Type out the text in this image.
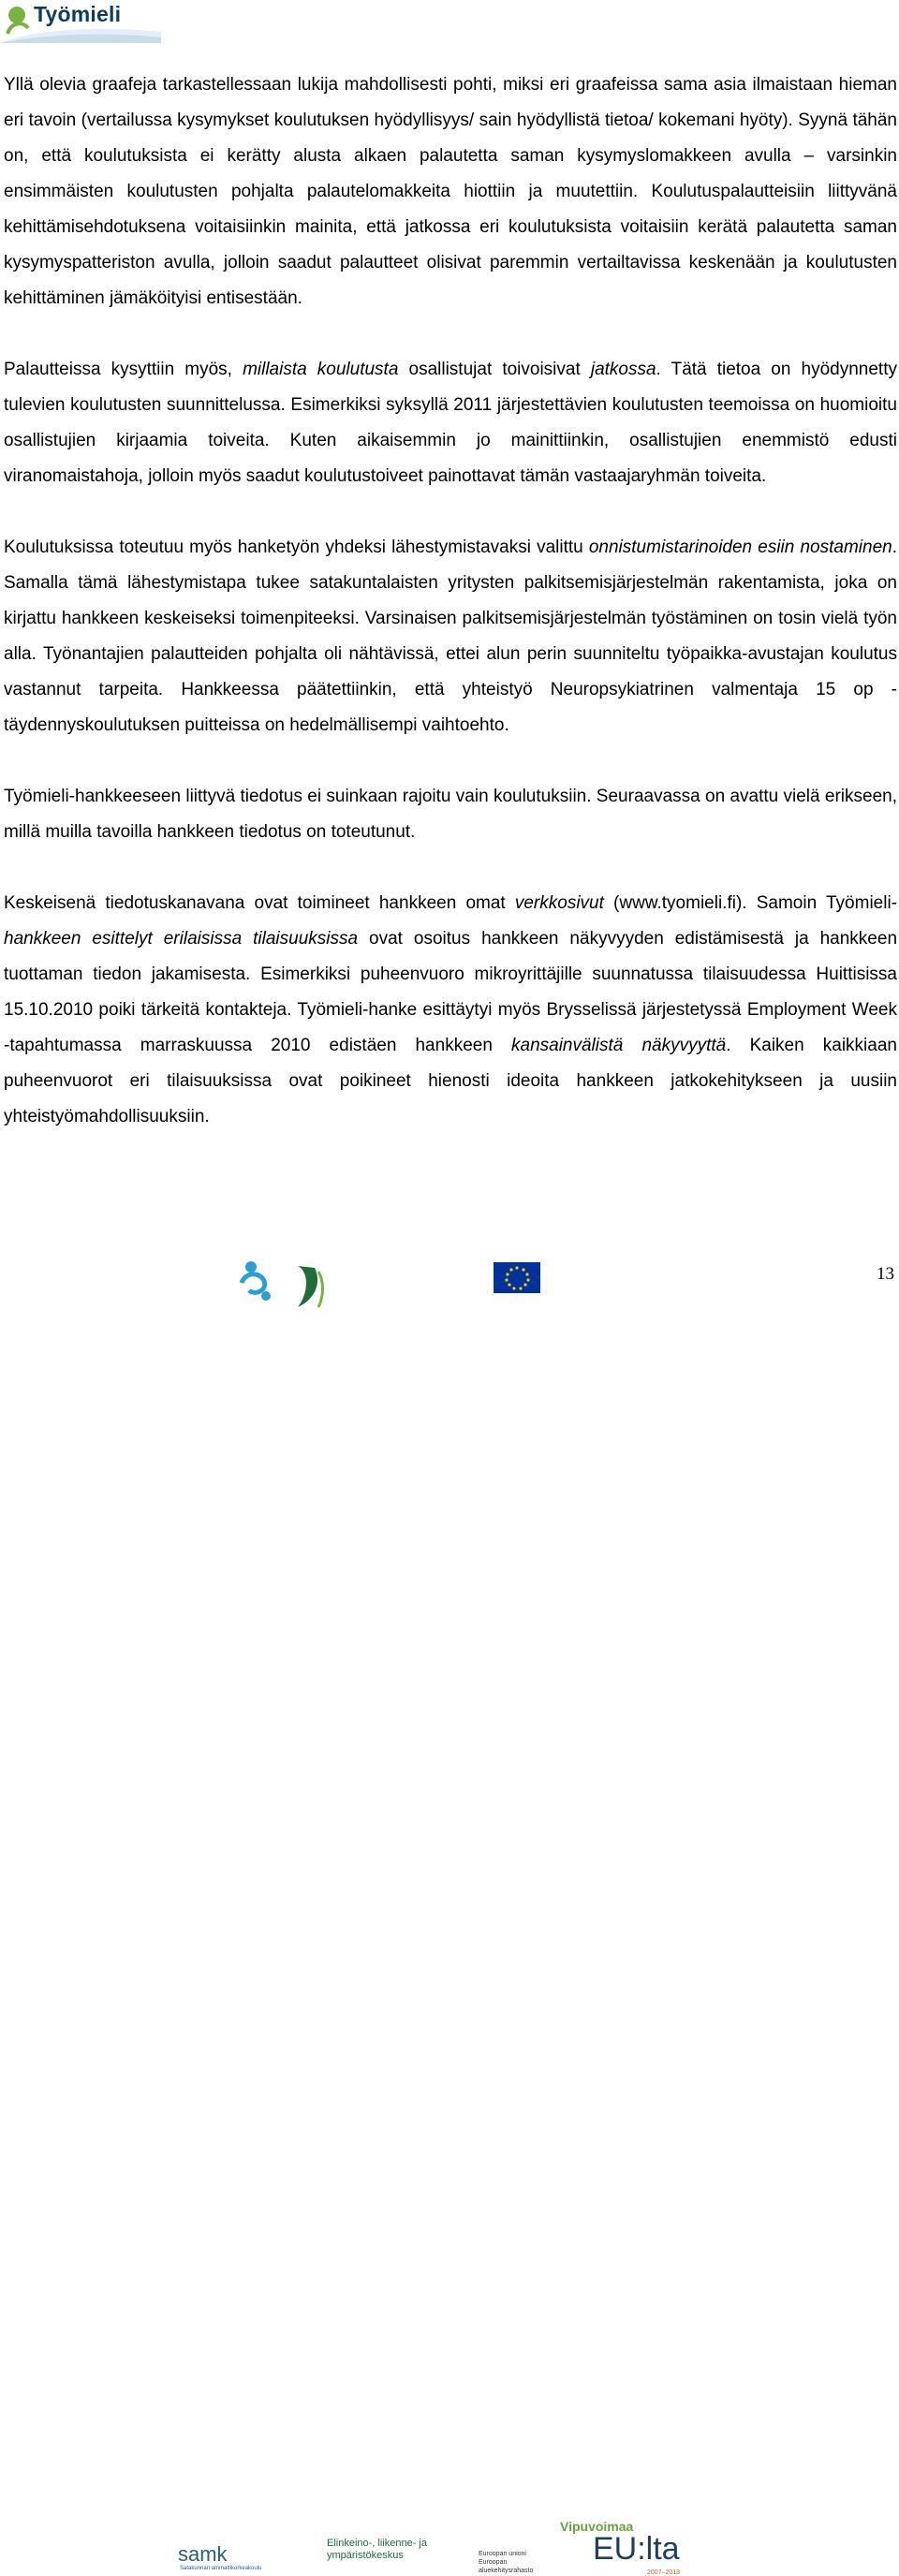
Työmieli

Yllä olevia graafeja tarkastellessaan lukija mahdollisesti pohti, miksi eri graafeissa sama asia ilmaistaan hieman eri tavoin (vertailussa kysymykset koulutuksen hyödyllisyys/ sain hyödyllistä tietoa/ kokemani hyöty). Syynä tähän on, että koulutuksista ei kerätty alusta alkaen palautetta saman kysymyslomakkeen avulla – varsinkin ensimmäisten koulutusten pohjalta palautelomakkeita hiottiin ja muutettiin. Koulutuspalautteisiin liittyvänä kehittämisehdotuksena voitaisiinkin mainita, että jatkossa eri koulutuksista voitaisiin kerätä palautetta saman kysymyspatteriston avulla, jolloin saadut palautteet olisivat paremmin vertailtavissa keskenään ja koulutusten kehittäminen jämäköityisi entisestään.

Palautteissa kysyttiin myös, millaista koulutusta osallistujat toivoisivat jatkossa. Tätä tietoa on hyödynnetty tulevien koulutusten suunnittelussa. Esimerkiksi syksyllä 2011 järjestettävien koulutusten teemoissa on huomioitu osallistujien kirjaamia toiveita. Kuten aikaisemmin jo mainittiinkin, osallistujien enemmistö edusti viranomaistahoja, jolloin myös saadut koulutustoiveet painottavat tämän vastaajaryhmän toiveita.

Koulutuksissa toteutuu myös hanketyön yhdeksi lähestymistavaksi valittu onnistumistarinoiden esiin nostaminen. Samalla tämä lähestymistapa tukee satakuntalaisten yritysten palkitsemisjärjestelmän rakentamista, joka on kirjattu hankkeen keskeiseksi toimenpiteeksi. Varsinaisen palkitsemisjärjestelmän työstäminen on tosin vielä työn alla. Työnantajien palautteiden pohjalta oli nähtävissä, ettei alun perin suunniteltu työpaikka-avustajan koulutus vastannut tarpeita. Hankkeessa päätettiinkin, että yhteistyö Neuropsykiatrinen valmentaja 15 op -täydennyskoulutuksen puitteissa on hedelmällisempi vaihtoehto.

Työmieli-hankkeeseen liittyvä tiedotus ei suinkaan rajoitu vain koulutuksiin. Seuraavassa on avattu vielä erikseen, millä muilla tavoilla hankkeen tiedotus on toteutunut.

Keskeisenä tiedotuskanavana ovat toimineet hankkeen omat verkkosivut (www.tyomieli.fi). Samoin Työmieli-hankkeen esittelyt erilaisissa tilaisuuksissa ovat osoitus hankkeen näkyvyyden edistämisestä ja hankkeen tuottaman tiedon jakamisesta. Esimerkiksi puheenvuoro mikroyrittäjille suunnatussa tilaisuudessa Huittisissa 15.10.2010 poiki tärkeitä kontakteja. Työmieli-hanke esittäytyi myös Brysselissä järjestetyssä Employment Week -tapahtumassa marraskuussa 2010 edistäen hankkeen kansainvälistä näkyvyyttä. Kaiken kaikkiaan puheenvuorot eri tilaisuuksissa ovat poikineet hienosti ideoita hankkeen jatkokehitykseen ja uusiin yhteistyömahdollisuuksiin.

samk
Satakunnan ammattikorkeakoulu
Elinkeino-, liikenne- ja ympäristökeskus	Euroopan unioni Euroopan aluekehitysrahasto
Vipuvoimaa
EU:lta
2007–2013
13
